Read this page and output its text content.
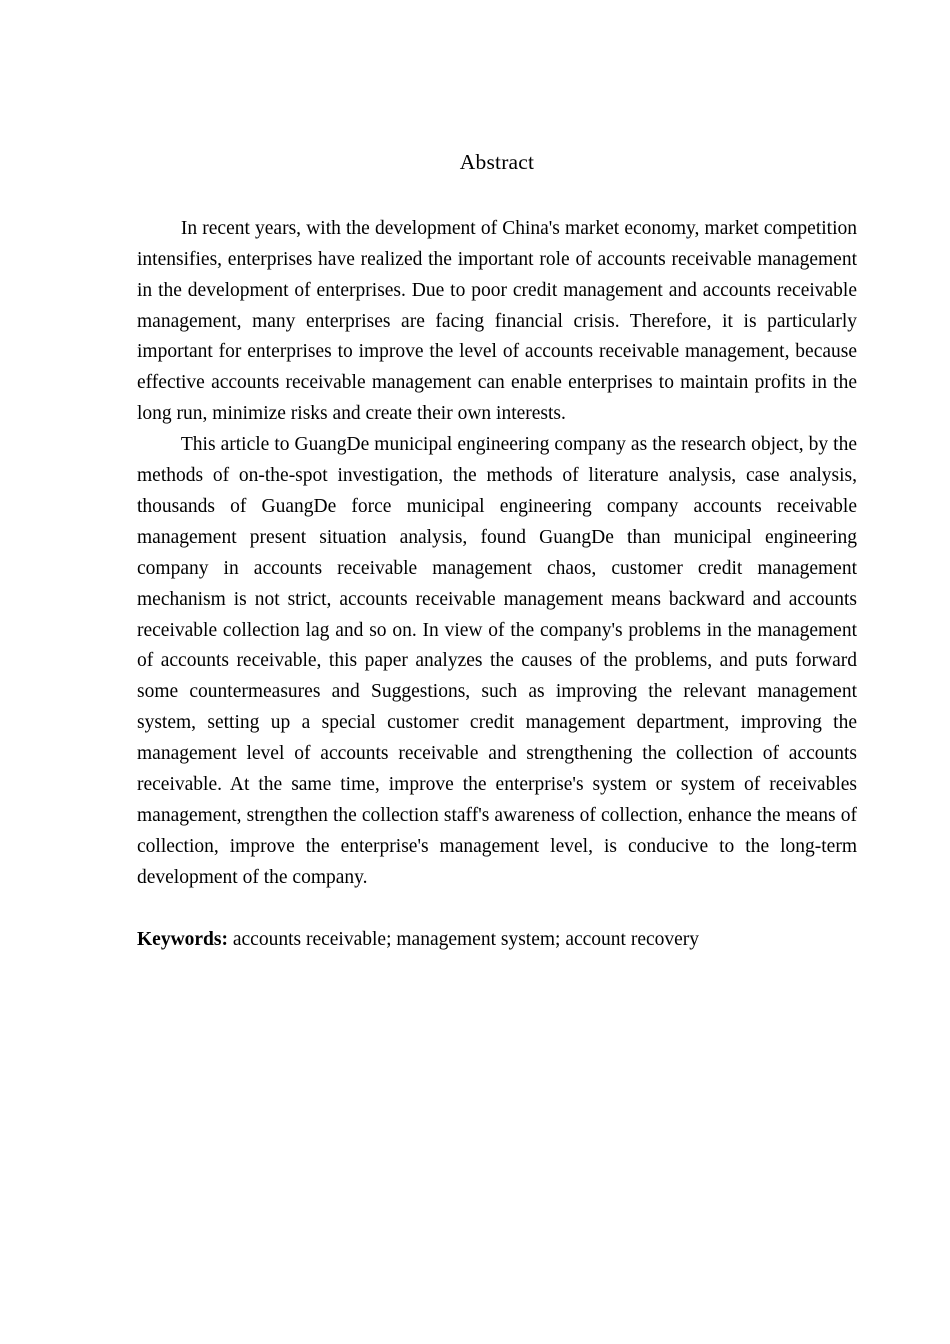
Abstract

In recent years, with the development of China's market economy, market competition intensifies, enterprises have realized the important role of accounts receivable management in the development of enterprises. Due to poor credit management and accounts receivable management, many enterprises are facing financial crisis. Therefore, it is particularly important for enterprises to improve the level of accounts receivable management, because effective accounts receivable management can enable enterprises to maintain profits in the long run, minimize risks and create their own interests.

This article to GuangDe municipal engineering company as the research object, by the methods of on-the-spot investigation, the methods of literature analysis, case analysis, thousands of GuangDe force municipal engineering company accounts receivable management present situation analysis, found GuangDe than municipal engineering company in accounts receivable management chaos, customer credit management mechanism is not strict, accounts receivable management means backward and accounts receivable collection lag and so on. In view of the company's problems in the management of accounts receivable, this paper analyzes the causes of the problems, and puts forward some countermeasures and Suggestions, such as improving the relevant management system, setting up a special customer credit management department, improving the management level of accounts receivable and strengthening the collection of accounts receivable. At the same time, improve the enterprise's system or system of receivables management, strengthen the collection staff's awareness of collection, enhance the means of collection, improve the enterprise's management level, is conducive to the long-term development of the company.

Keywords: accounts receivable; management system; account recovery
